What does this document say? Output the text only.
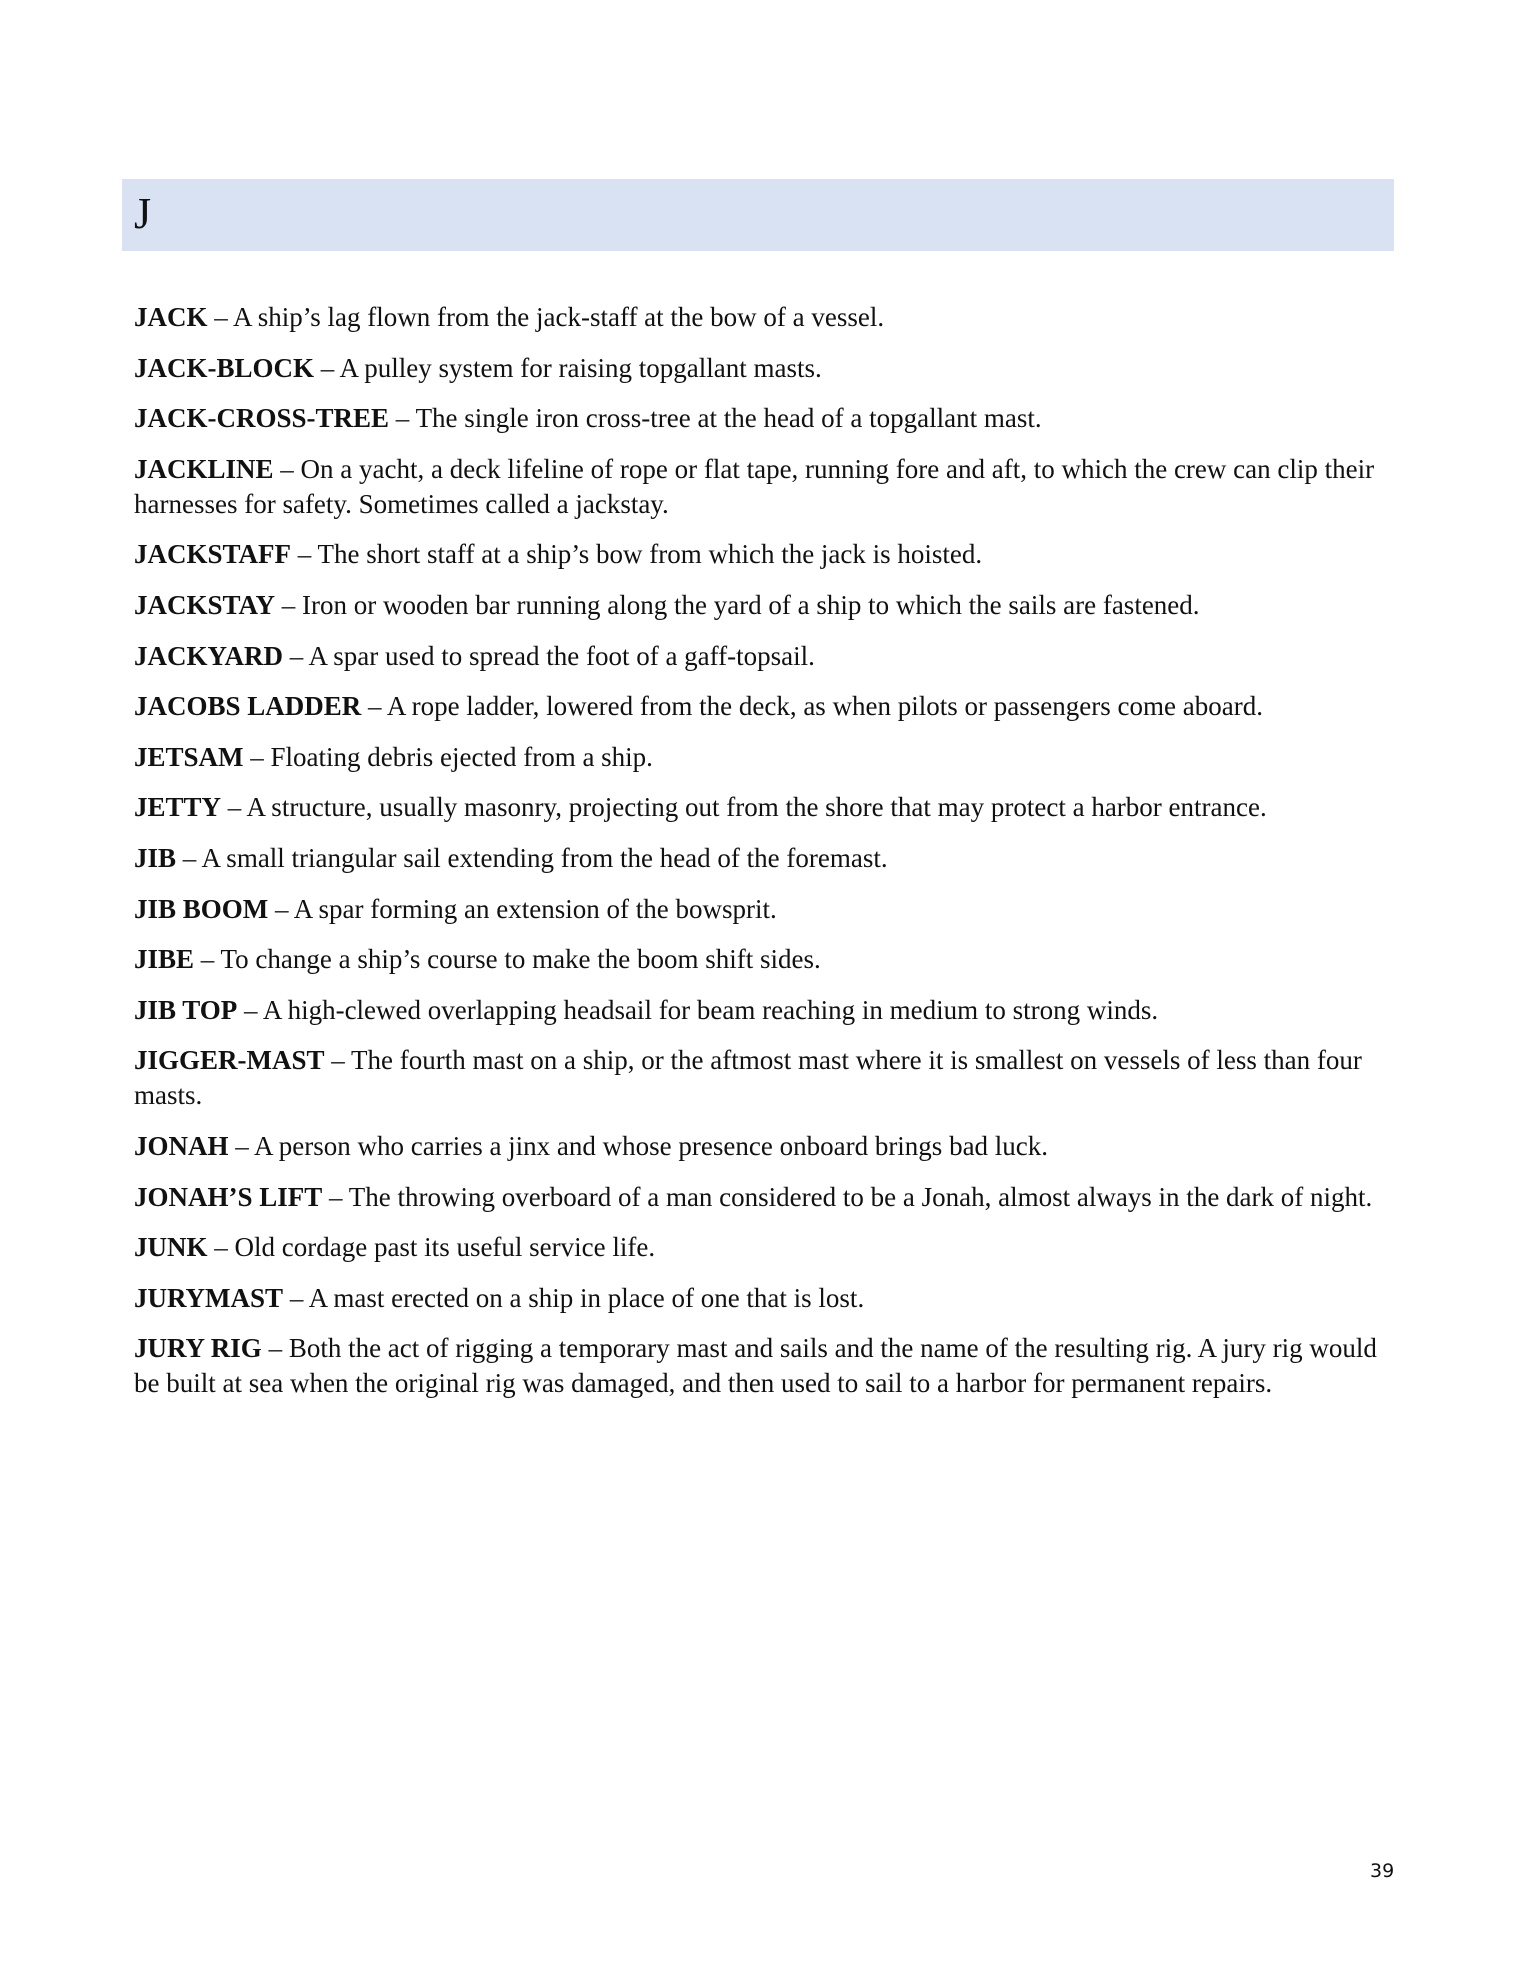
J

JACK – A ship’s lag flown from the jack-staff at the bow of a vessel.

JACK-BLOCK – A pulley system for raising topgallant masts.

JACK-CROSS-TREE – The single iron cross-tree at the head of a topgallant mast.

JACKLINE – On a yacht, a deck lifeline of rope or flat tape, running fore and aft, to which the crew can clip their harnesses for safety. Sometimes called a jackstay.

JACKSTAFF – The short staff at a ship’s bow from which the jack is hoisted.

JACKSTAY – Iron or wooden bar running along the yard of a ship to which the sails are fastened.

JACKYARD – A spar used to spread the foot of a gaff-topsail.

JACOBS LADDER – A rope ladder, lowered from the deck, as when pilots or passengers come aboard.

JETSAM – Floating debris ejected from a ship.

JETTY – A structure, usually masonry, projecting out from the shore that may protect a harbor entrance.

JIB – A small triangular sail extending from the head of the foremast.

JIB BOOM – A spar forming an extension of the bowsprit.

JIBE – To change a ship’s course to make the boom shift sides.

JIB TOP – A high-clewed overlapping headsail for beam reaching in medium to strong winds.

JIGGER-MAST – The fourth mast on a ship, or the aftmost mast where it is smallest on vessels of less than four masts.

JONAH – A person who carries a jinx and whose presence onboard brings bad luck.

JONAH’S LIFT – The throwing overboard of a man considered to be a Jonah, almost always in the dark of night.

JUNK – Old cordage past its useful service life.

JURYMAST – A mast erected on a ship in place of one that is lost.

JURY RIG – Both the act of rigging a temporary mast and sails and the name of the resulting rig. A jury rig would be built at sea when the original rig was damaged, and then used to sail to a harbor for permanent repairs.

39
